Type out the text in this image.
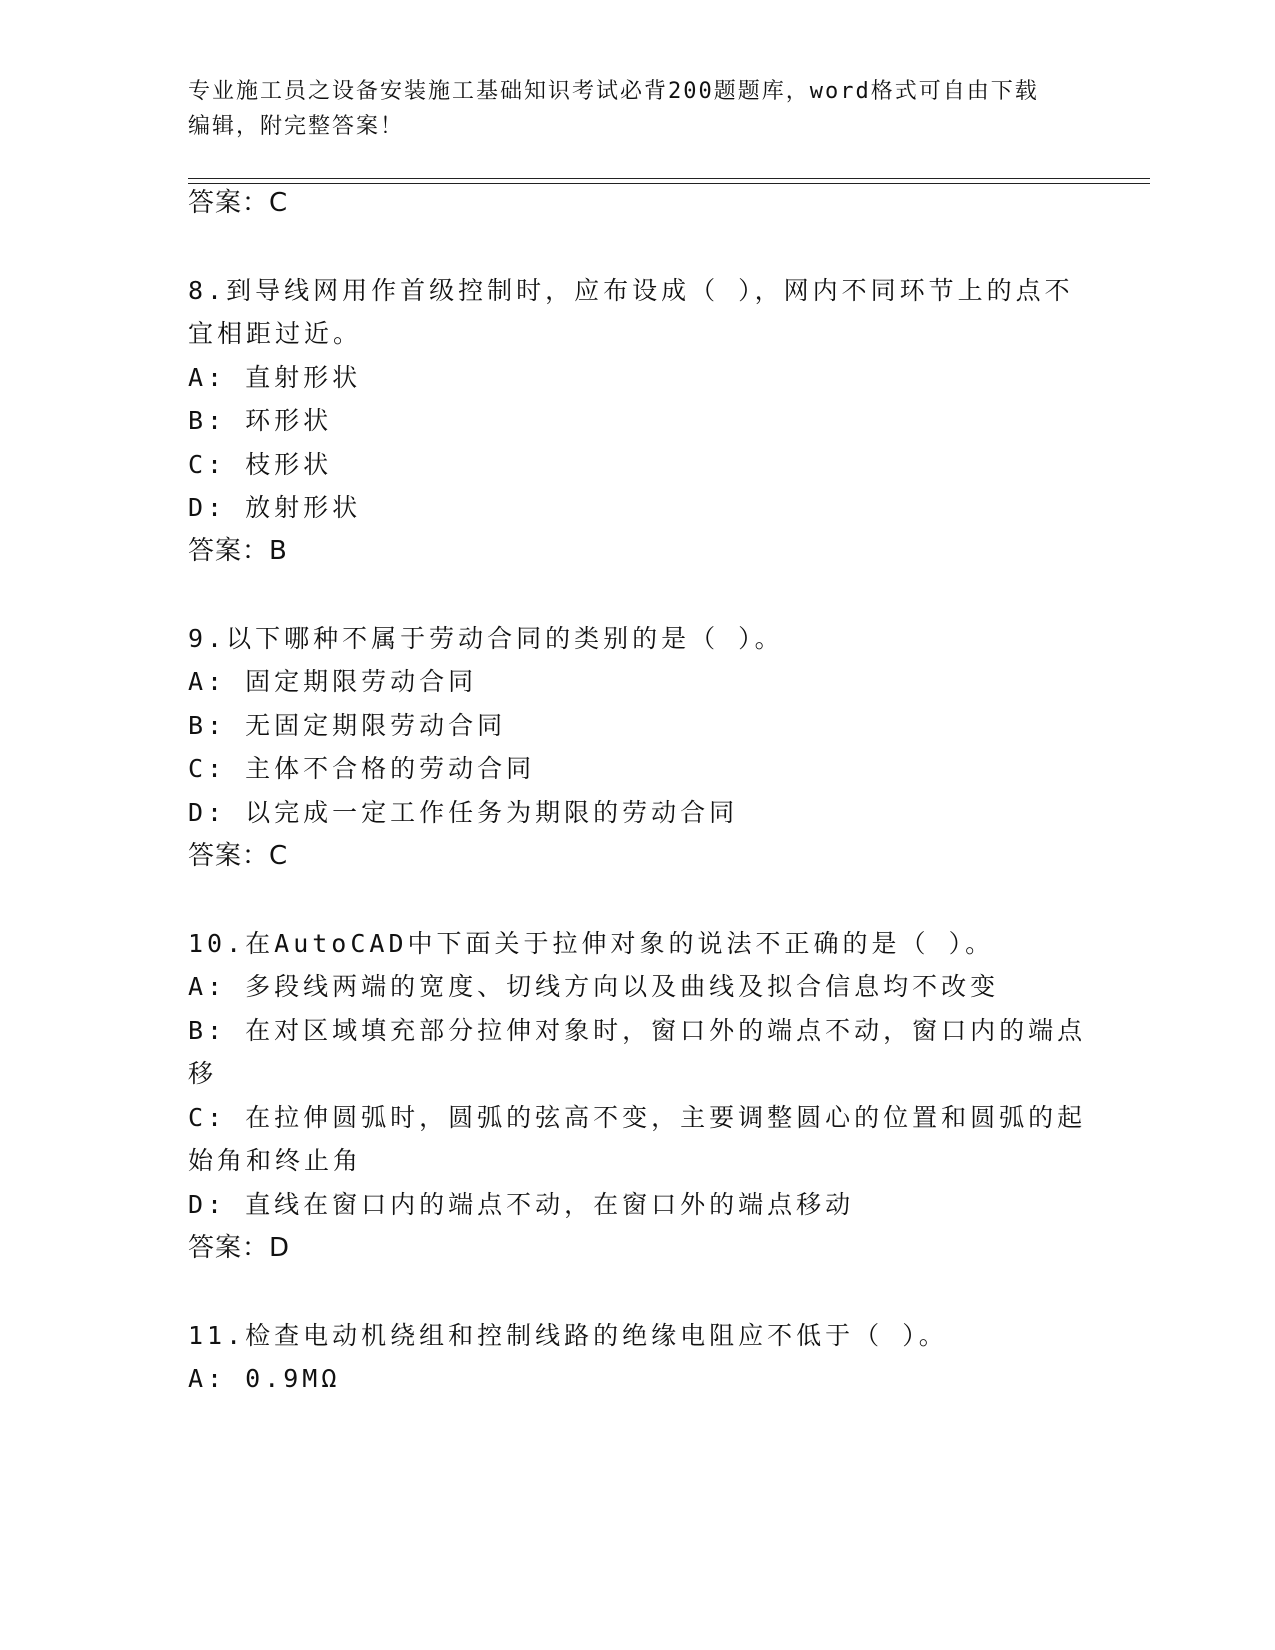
专业施工员之设备安装施工基础知识考试必背200题题库，word格式可自由下载
编辑，附完整答案！
答案：C
8.到导线网用作首级控制时，应布设成（ ），网内不同环节上的点不
宜相距过近。
A: 直射形状
B: 环形状
C: 枝形状
D: 放射形状
答案：B
9.以下哪种不属于劳动合同的类别的是（ ）。
A: 固定期限劳动合同
B: 无固定期限劳动合同
C: 主体不合格的劳动合同
D: 以完成一定工作任务为期限的劳动合同
答案：C
10.在AutoCAD中下面关于拉伸对象的说法不正确的是（ ）。
A: 多段线两端的宽度、切线方向以及曲线及拟合信息均不改变
B: 在对区域填充部分拉伸对象时，窗口外的端点不动，窗口内的端点
移
C: 在拉伸圆弧时，圆弧的弦高不变，主要调整圆心的位置和圆弧的起
始角和终止角
D: 直线在窗口内的端点不动，在窗口外的端点移动
答案：D
11.检查电动机绕组和控制线路的绝缘电阻应不低于（ ）。
A: 0.9MΩ
